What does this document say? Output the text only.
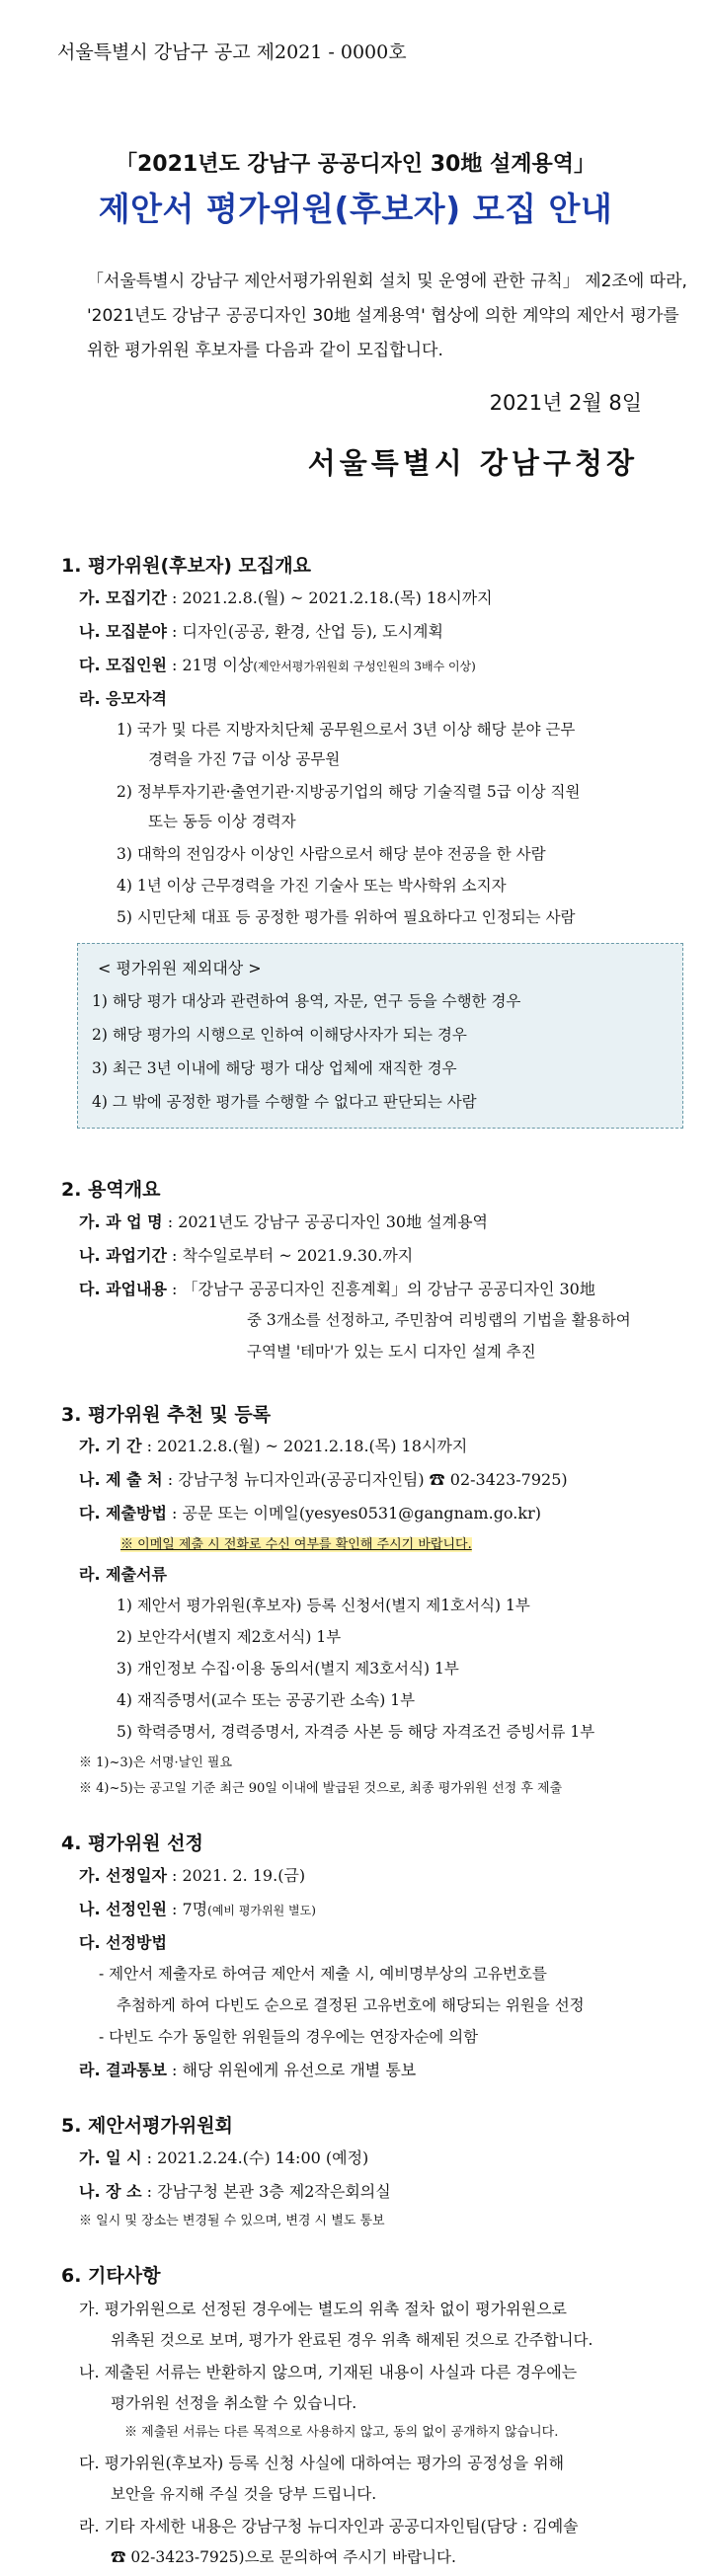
서울특별시 강남구 공고 제2021 - 0000호
「2021년도 강남구 공공디자인 30地 설계용역」
제안서 평가위원(후보자) 모집 안내
「서울특별시 강남구 제안서평가위원회 설치 및 운영에 관한 규칙」 제2조에 따라, '2021년도 강남구 공공디자인 30地 설계용역' 협상에 의한 계약의 제안서 평가를 위한 평가위원 후보자를 다음과 같이 모집합니다.
2021년 2월 8일
서울특별시 강남구청장
1. 평가위원(후보자) 모집개요
가. 모집기간 : 2021.2.8.(월) ~ 2021.2.18.(목) 18시까지
나. 모집분야 : 디자인(공공, 환경, 산업 등), 도시계획
다. 모집인원 : 21명 이상(제안서평가위원회 구성인원의 3배수 이상)
라. 응모자격
1) 국가 및 다른 지방자치단체 공무원으로서 3년 이상 해당 분야 근무
경력을 가진 7급 이상 공무원
2) 정부투자기관·출연기관·지방공기업의 해당 기술직렬 5급 이상 직원
또는 동등 이상 경력자
3) 대학의 전임강사 이상인 사람으로서 해당 분야 전공을 한 사람
4) 1년 이상 근무경력을 가진 기술사 또는 박사학위 소지자
5) 시민단체 대표 등 공정한 평가를 위하여 필요하다고 인정되는 사람
< 평가위원 제외대상 >
1) 해당 평가 대상과 관련하여 용역, 자문, 연구 등을 수행한 경우
2) 해당 평가의 시행으로 인하여 이해당사자가 되는 경우
3) 최근 3년 이내에 해당 평가 대상 업체에 재직한 경우
4) 그 밖에 공정한 평가를 수행할 수 없다고 판단되는 사람
2. 용역개요
가. 과 업 명 : 2021년도 강남구 공공디자인 30地 설계용역
나. 과업기간 : 착수일로부터 ~ 2021.9.30.까지
다. 과업내용 : 「강남구 공공디자인 진흥계획」의 강남구 공공디자인 30地
중 3개소를 선정하고, 주민참여 리빙랩의 기법을 활용하여
구역별 '테마'가 있는 도시 디자인 설계 추진
3. 평가위원 추천 및 등록
가. 기 간 : 2021.2.8.(월) ~ 2021.2.18.(목) 18시까지
나. 제 출 처 : 강남구청 뉴디자인과(공공디자인팀) ☎ 02-3423-7925)
다. 제출방법 : 공문 또는 이메일(yesyes0531@gangnam.go.kr)
※ 이메일 제출 시 전화로 수신 여부를 확인해 주시기 바랍니다.
라. 제출서류
1) 제안서 평가위원(후보자) 등록 신청서(별지 제1호서식) 1부
2) 보안각서(별지 제2호서식) 1부
3) 개인정보 수집·이용 동의서(별지 제3호서식) 1부
4) 재직증명서(교수 또는 공공기관 소속) 1부
5) 학력증명서, 경력증명서, 자격증 사본 등 해당 자격조건 증빙서류 1부
※ 1)~3)은 서명·날인 필요
※ 4)~5)는 공고일 기준 최근 90일 이내에 발급된 것으로, 최종 평가위원 선정 후 제출
4. 평가위원 선정
가. 선정일자 : 2021. 2. 19.(금)
나. 선정인원 : 7명(예비 평가위원 별도)
다. 선정방법
- 제안서 제출자로 하여금 제안서 제출 시, 예비명부상의 고유번호를
추첨하게 하여 다빈도 순으로 결정된 고유번호에 해당되는 위원을 선정
- 다빈도 수가 동일한 위원들의 경우에는 연장자순에 의함
라. 결과통보 : 해당 위원에게 유선으로 개별 통보
5. 제안서평가위원회
가. 일 시 : 2021.2.24.(수) 14:00 (예정)
나. 장 소 : 강남구청 본관 3층 제2작은회의실
※ 일시 및 장소는 변경될 수 있으며, 변경 시 별도 통보
6. 기타사항
가. 평가위원으로 선정된 경우에는 별도의 위촉 절차 없이 평가위원으로
위촉된 것으로 보며, 평가가 완료된 경우 위촉 해제된 것으로 간주합니다.
나. 제출된 서류는 반환하지 않으며, 기재된 내용이 사실과 다른 경우에는
평가위원 선정을 취소할 수 있습니다.
※ 제출된 서류는 다른 목적으로 사용하지 않고, 동의 없이 공개하지 않습니다.
다. 평가위원(후보자) 등록 신청 사실에 대하여는 평가의 공정성을 위해
보안을 유지해 주실 것을 당부 드립니다.
라. 기타 자세한 내용은 강남구청 뉴디자인과 공공디자인팀(담당 : 김예솔
☎ 02-3423-7925)으로 문의하여 주시기 바랍니다.
